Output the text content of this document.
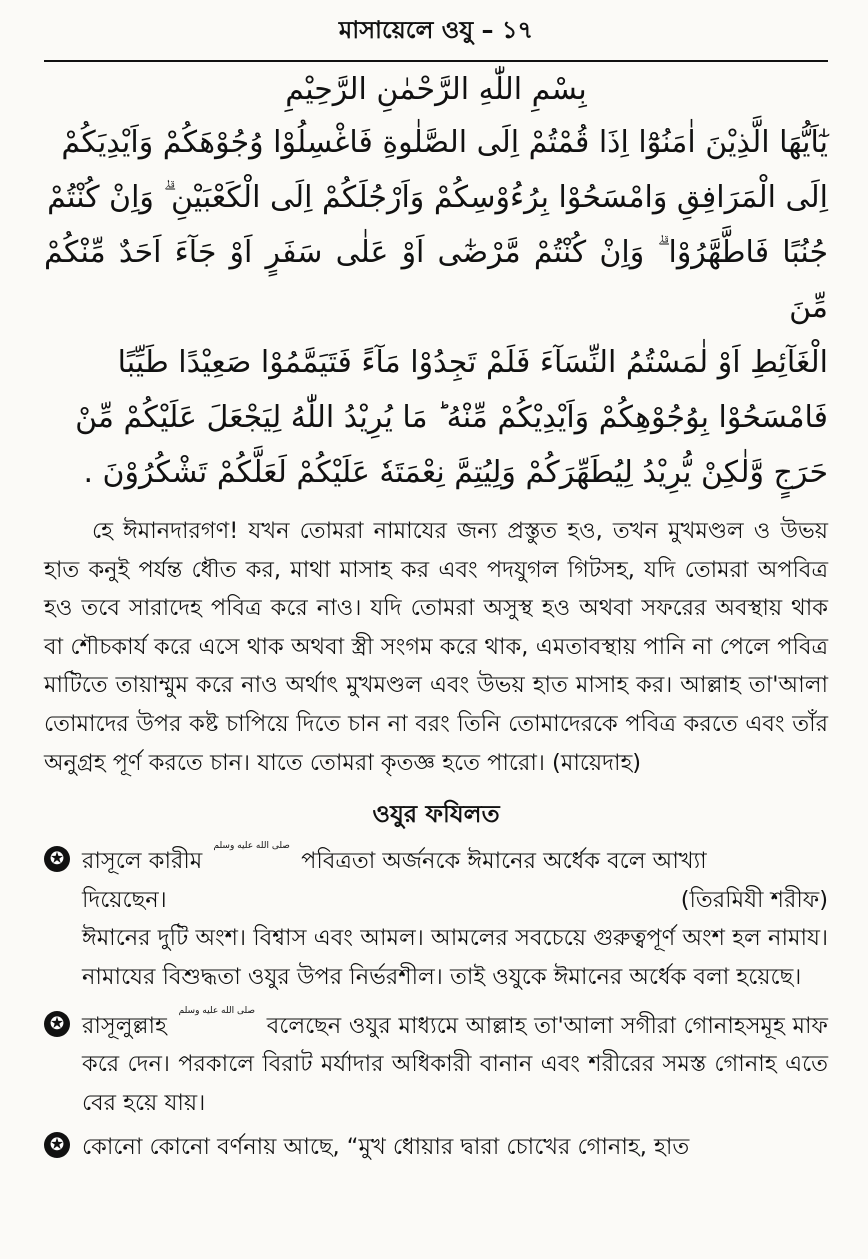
মাসায়েলে ওযু – ১৭
بِسْمِ اللّٰهِ الرَّحْمٰنِ الرَّحِيْمِ
يٰٓاَيُّهَا الَّذِيْنَ اٰمَنُوْٓا اِذَا قُمْتُمْ اِلَى الصَّلٰوةِ فَاغْسِلُوْا وُجُوْهَكُمْ وَاَيْدِيَكُمْ
اِلَى الْمَرَافِقِ وَامْسَحُوْا بِرُءُوْسِكُمْ وَاَرْجُلَكُمْ اِلَى الْكَعْبَيْنِ ۗ وَاِنْ كُنْتُمْ
جُنُبًا فَاطَّهَّرُوْا ۗ وَاِنْ كُنْتُمْ مَّرْضٰٓى اَوْ عَلٰى سَفَرٍ اَوْ جَآءَ اَحَدٌ مِّنْكُمْ مِّنَ
الْغَآئِطِ اَوْ لٰمَسْتُمُ النِّسَآءَ فَلَمْ تَجِدُوْا مَآءً فَتَيَمَّمُوْا صَعِيْدًا طَيِّبًا
فَامْسَحُوْا بِوُجُوْهِكُمْ وَاَيْدِيْكُمْ مِّنْهُ ؕ مَا يُرِيْدُ اللّٰهُ لِيَجْعَلَ عَلَيْكُمْ مِّنْ
حَرَجٍ وَّلٰكِنْ يُّرِيْدُ لِيُطَهِّرَكُمْ وَلِيُتِمَّ نِعْمَتَهٗ عَلَيْكُمْ لَعَلَّكُمْ تَشْكُرُوْنَ .

হে ঈমানদারগণ! যখন তোমরা নামাযের জন্য প্রস্তুত হও, তখন মুখমণ্ডল ও উভয় হাত কনুই পর্যন্ত ধৌত কর, মাথা মাসাহ কর এবং পদযুগল গিটসহ, যদি তোমরা অপবিত্র হও তবে সারাদেহ পবিত্র করে নাও। যদি তোমরা অসুস্থ হও অথবা সফরের অবস্থায় থাক বা শৌচকার্য করে এসে থাক অথবা স্ত্রী সংগম করে থাক, এমতাবস্থায় পানি না পেলে পবিত্র মাটিতে তায়াম্মুম করে নাও অর্থাৎ মুখমণ্ডল এবং উভয় হাত মাসাহ কর। আল্লাহ তা'আলা তোমাদের উপর কষ্ট চাপিয়ে দিতে চান না বরং তিনি তোমাদেরকে পবিত্র করতে এবং তাঁর অনুগ্রহ পূর্ণ করতে চান। যাতে তোমরা কৃতজ্ঞ হতে পারো। (মায়েদাহ)

ওযুর ফযিলত
✪ রাসূলে কারীম صلى الله عليه وسلم পবিত্রতা অর্জনকে ঈমানের অর্ধেক বলে আখ্যা
দিয়েছেন।	(তিরমিযী শরীফ)

ঈমানের দুটি অংশ। বিশ্বাস এবং আমল। আমলের সবচেয়ে গুরুত্বপূর্ণ অংশ হল নামায। নামাযের বিশুদ্ধতা ওযুর উপর নির্ভরশীল। তাই ওযুকে ঈমানের অর্ধেক বলা হয়েছে।

✪ রাসূলুল্লাহ صلى الله عليه وسلم বলেছেন ওযুর মাধ্যমে আল্লাহ তা'আলা সগীরা গোনাহসমূহ মাফ করে দেন। পরকালে বিরাট মর্যাদার অধিকারী বানান এবং শরীরের সমস্ত গোনাহ এতে বের হয়ে যায়।
✪ কোনো কোনো বর্ণনায় আছে, “মুখ ধোয়ার দ্বারা চোখের গোনাহ, হাত
